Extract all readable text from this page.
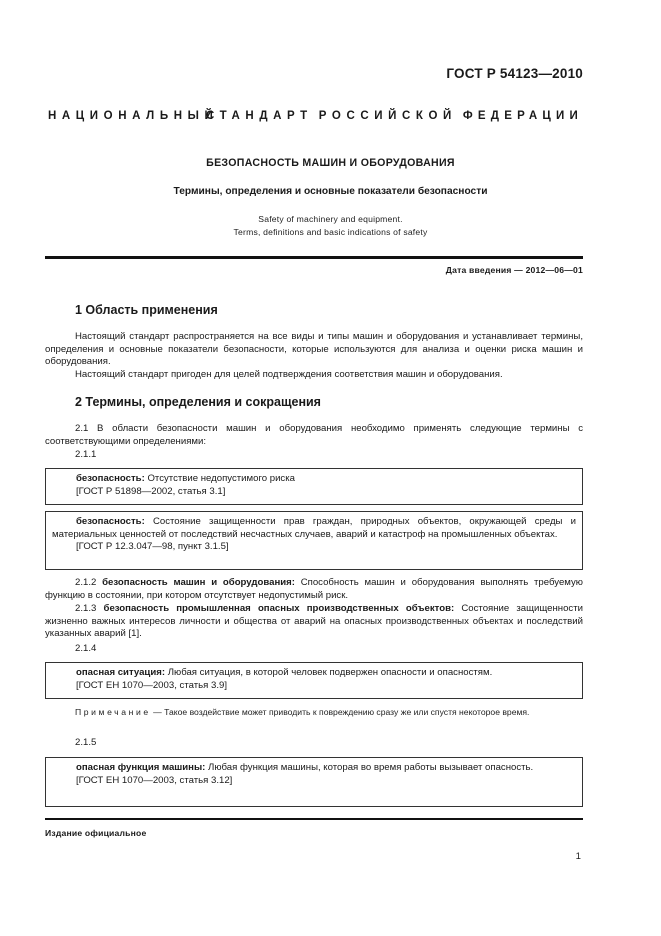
ГОСТ Р 54123—2010
НАЦИОНАЛЬНЫЙ
СТАНДАРТ РОССИЙСКОЙ ФЕДЕРАЦИИ
БЕЗОПАСНОСТЬ МАШИН И ОБОРУДОВАНИЯ
Термины, определения и основные показатели безопасности
Safety of machinery and equipment.
Terms, definitions and basic indications of safety
Дата введения — 2012—06—01
1 Область применения
Настоящий стандарт распространяется на все виды и типы машин и оборудования и устанавливает термины, определения и основные показатели безопасности, которые используются для анализа и оценки риска машин и оборудования.
Настоящий стандарт пригоден для целей подтверждения соответствия машин и оборудования.
2 Термины, определения и сокращения
2.1 В области безопасности машин и оборудования необходимо применять следующие термины с соответствующими определениями:
2.1.1

безопасность: Отсутствие недопустимого риска

[ГОСТ Р 51898—2002, статья 3.1]

безопасность: Состояние защищенности прав граждан, природных объектов, окружающей среды и материальных ценностей от последствий несчастных случаев, аварий и катастроф на промышленных объектах.

[ГОСТ Р 12.3.047—98, пункт 3.1.5]

2.1.2 безопасность машин и оборудования: Способность машин и оборудования выполнять требуемую функцию в состоянии, при котором отсутствует недопустимый риск.
2.1.3 безопасность промышленная опасных производственных объектов: Состояние защищенности жизненно важных интересов личности и общества от аварий на опасных производственных объектах и последствий указанных аварий [1].
2.1.4

опасная ситуация: Любая ситуация, в которой человек подвержен опасности и опасностям.

[ГОСТ ЕН 1070—2003, статья 3.9]

Примечание — Такое воздействие может приводить к повреждению сразу же или спустя некоторое время.
2.1.5

опасная функция машины: Любая функция машины, которая во время работы вызывает опасность.

[ГОСТ ЕН 1070—2003, статья 3.12]

Издание официальное
1
